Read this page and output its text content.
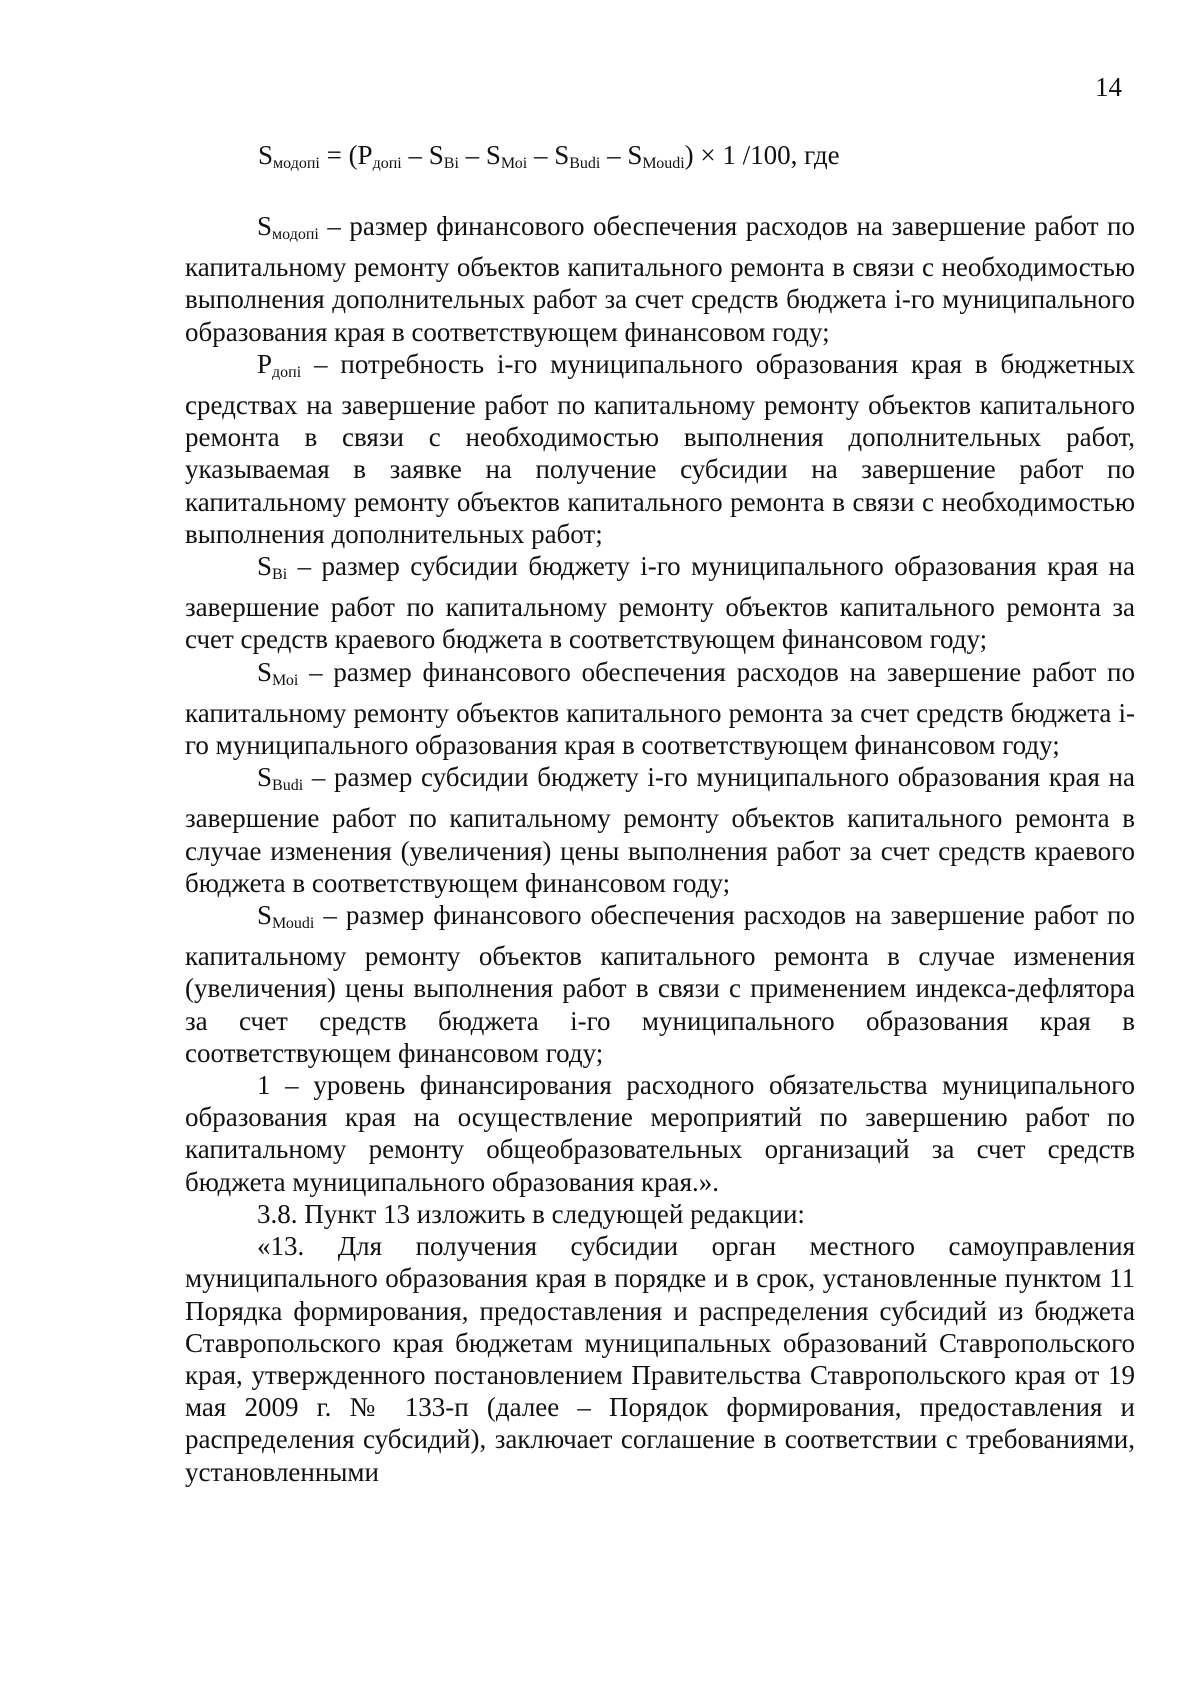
14
$S_{модопi} = (P_{допi} - S_{Вi} - S_{Моi} - S_{Вudi} - S_{Моudi}) \times 1$ /100, где

$S_{модопi}$ – размер финансового обеспечения расходов на завершение работ по капитальному ремонту объектов капитального ремонта в связи с необходимостью выполнения дополнительных работ за счет средств бюджета i-го муниципального образования края в соответствующем финансовом году;

$P_{допi}$ – потребность i-го муниципального образования края в бюджетных средствах на завершение работ по капитальному ремонту объектов капитального ремонта в связи с необходимостью выполнения дополнительных работ, указываемая в заявке на получение субсидии на завершение работ по капитальному ремонту объектов капитального ремонта в связи с необходимостью выполнения дополнительных работ;

$S_{Вi}$ – размер субсидии бюджету i-го муниципального образования края на завершение работ по капитальному ремонту объектов капитального ремонта за счет средств краевого бюджета в соответствующем финансовом году;

$S_{Моi}$ – размер финансового обеспечения расходов на завершение работ по капитальному ремонту объектов капитального ремонта за счет средств бюджета i-го муниципального образования края в соответствующем финансовом году;

$S_{Вudi}$ – размер субсидии бюджету i-го муниципального образования края на завершение работ по капитальному ремонту объектов капитального ремонта в случае изменения (увеличения) цены выполнения работ за счет средств краевого бюджета в соответствующем финансовом году;

$S_{Моudi}$ – размер финансового обеспечения расходов на завершение работ по капитальному ремонту объектов капитального ремонта в случае изменения (увеличения) цены выполнения работ в связи с применением индекса-дефлятора за счет средств бюджета i-го муниципального образования края в соответствующем финансовом году;

1 – уровень финансирования расходного обязательства муниципального образования края на осуществление мероприятий по завершению работ по капитальному ремонту общеобразовательных организаций за счет средств бюджета муниципального образования края.».

3.8. Пункт 13 изложить в следующей редакции:

«13. Для получения субсидии орган местного самоуправления муниципального образования края в порядке и в срок, установленные пунктом 11 Порядка формирования, предоставления и распределения субсидий из бюджета Ставропольского края бюджетам муниципальных образований Ставропольского края, утвержденного постановлением Правительства Ставропольского края от 19 мая 2009 г. № 133-п (далее – Порядок формирования, предоставления и распределения субсидий), заключает соглашение в соответствии с требованиями, установленными
